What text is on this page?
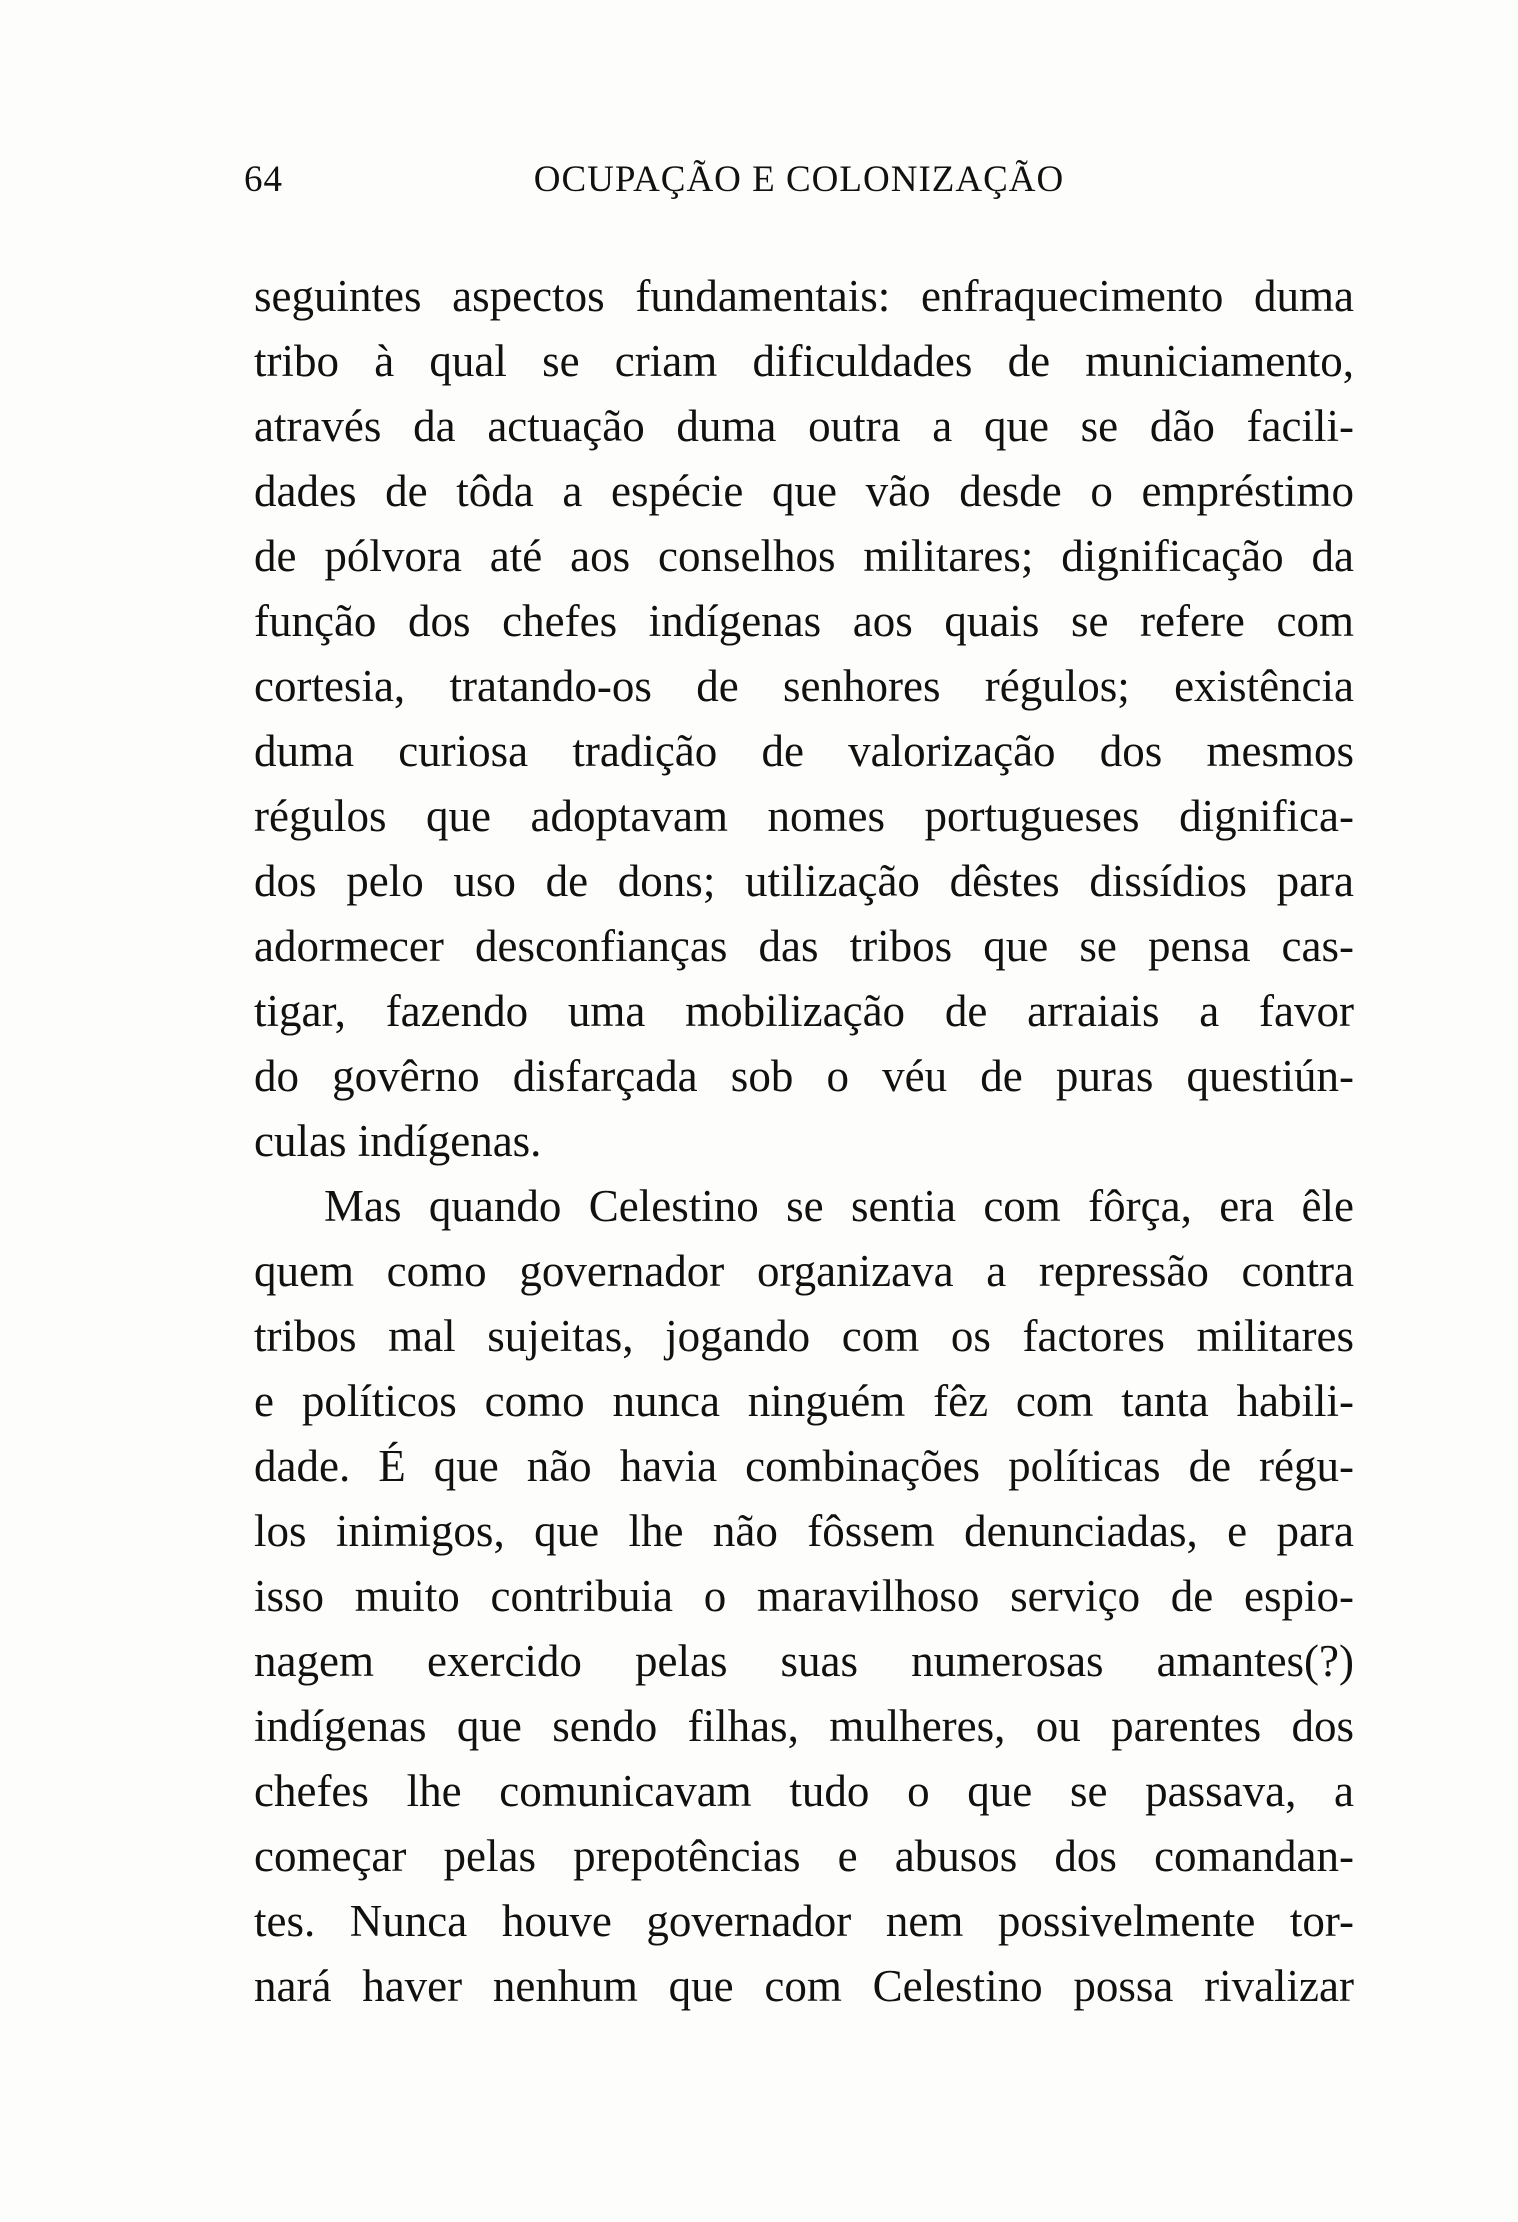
64	OCUPAÇÃO E COLONIZAÇÃO
seguintes aspectos fundamentais: enfraquecimento duma
tribo à qual se criam dificuldades de municiamento,
através da actuação duma outra a que se dão facili-
dades de tôda a espécie que vão desde o empréstimo
de pólvora até aos conselhos militares; dignificação da
função dos chefes indígenas aos quais se refere com
cortesia, tratando-os de senhores régulos; existência
duma curiosa tradição de valorização dos mesmos
régulos que adoptavam nomes portugueses dignifica-
dos pelo uso de dons; utilização dêstes dissídios para
adormecer desconfianças das tribos que se pensa cas-
tigar, fazendo uma mobilização de arraiais a favor
do govêrno disfarçada sob o véu de puras questiún-
culas indígenas.
Mas quando Celestino se sentia com fôrça, era êle
quem como governador organizava a repressão contra
tribos mal sujeitas, jogando com os factores militares
e políticos como nunca ninguém fêz com tanta habili-
dade. É que não havia combinações políticas de régu-
los inimigos, que lhe não fôssem denunciadas, e para
isso muito contribuia o maravilhoso serviço de espio-
nagem exercido pelas suas numerosas amantes(?)
indígenas que sendo filhas, mulheres, ou parentes dos
chefes lhe comunicavam tudo o que se passava, a
começar pelas prepotências e abusos dos comandan-
tes. Nunca houve governador nem possivelmente tor-
nará haver nenhum que com Celestino possa rivalizar
